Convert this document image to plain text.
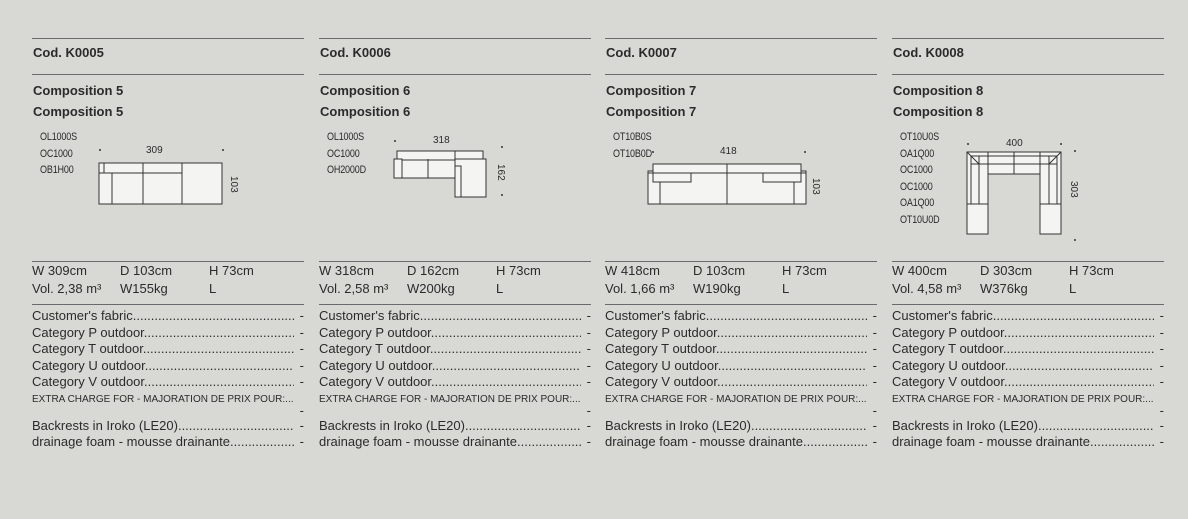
Cod. K0005
Composition 5
Composition 5
OL1000S
OC1000
OB1H00
309
103
W 309cm	D 103cm	H 73cm
Vol. 2,38 m³	W155kg	L
Customer's fabric .....	-
Category P outdoor .....	-
Category T outdoor .....	-
Category U outdoor .....	-
Category V outdoor .....	-
EXTRA CHARGE FOR - MAJORATION DE PRIX POUR:...
-
Backrests in Iroko (LE20) .....	-
drainage foam - mousse drainante .....	-
Cod. K0006
Composition 6
Composition 6
OL1000S
OC1000
OH2000D
318
162
W 318cm	D 162cm	H 73cm
Vol. 2,58 m³	W200kg	L
Customer's fabric .....	-
Category P outdoor .....	-
Category T outdoor .....	-
Category U outdoor .....	-
Category V outdoor .....	-
EXTRA CHARGE FOR - MAJORATION DE PRIX POUR:...
-
Backrests in Iroko (LE20) .....	-
drainage foam - mousse drainante .....	-
Cod. K0007
Composition 7
Composition 7
OT10B0S
OT10B0D	418
103
W 418cm	D 103cm	H 73cm
Vol. 1,66 m³	W190kg	L
Customer's fabric .....	-
Category P outdoor .....	-
Category T outdoor .....	-
Category U outdoor .....	-
Category V outdoor .....	-
EXTRA CHARGE FOR - MAJORATION DE PRIX POUR:...
-
Backrests in Iroko (LE20) .....	-
drainage foam - mousse drainante .....	-
Cod. K0008
Composition 8
Composition 8
OT10U0S
OA1Q00
OC1000
OC1000
OA1Q00
OT10U0D
400
303
W 400cm	D 303cm	H 73cm
Vol. 4,58 m³	W376kg	L
Customer's fabric .....	-
Category P outdoor .....	-
Category T outdoor .....	-
Category U outdoor .....	-
Category V outdoor .....	-
EXTRA CHARGE FOR - MAJORATION DE PRIX POUR:...
-
Backrests in Iroko (LE20) .....	-
drainage foam - mousse drainante .....	-
